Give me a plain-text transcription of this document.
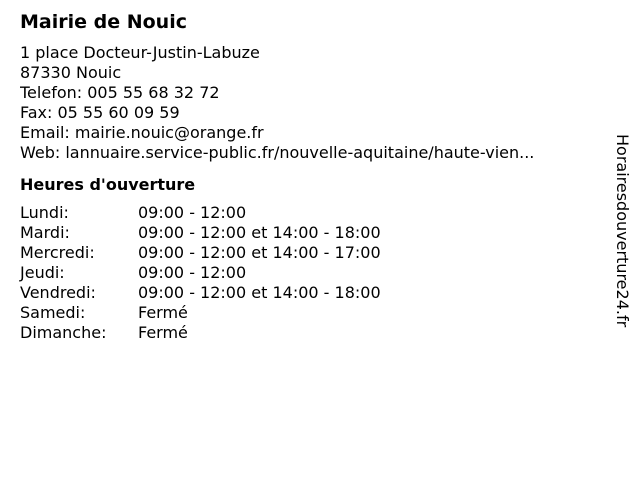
Mairie de Nouic
1 place Docteur-Justin-Labuze
87330 Nouic
Telefon: 005 55 68 32 72
Fax: 05 55 60 09 59
Email: mairie.nouic@orange.fr
Web: lannuaire.service-public.fr/nouvelle-aquitaine/haute-vien...
Heures d'ouverture
Lundi:	09:00 - 12:00
Mardi:	09:00 - 12:00 et 14:00 - 18:00
Mercredi:	09:00 - 12:00 et 14:00 - 17:00
Jeudi:	09:00 - 12:00
Vendredi:	09:00 - 12:00 et 14:00 - 18:00
Samedi:	Fermé
Dimanche:	Fermé
Horairesdouverture24.fr
